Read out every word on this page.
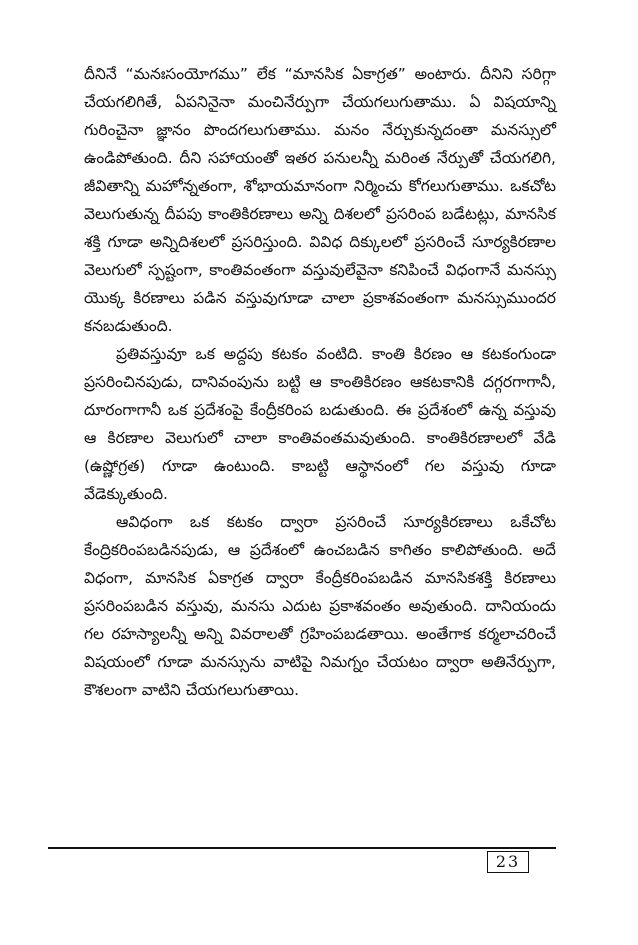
దీనినే “మనఃసంయోగము” లేక “మానసిక ఏకాగ్రత” అంటారు. దీనిని సరిగ్గా చేయగలిగితే, ఏపనినైనా మంచినేర్పుగా చేయగలుగుతాము. ఏ విషయాన్ని గురించైనా జ్ఞానం పొందగలుగుతాము. మనం నేర్చుకున్నదంతా మనస్సులో ఉండిపోతుంది. దీని సహాయంతో ఇతర పనులన్నీ మరింత నేర్పుతో చేయగలిగి, జీవితాన్ని మహోన్నతంగా, శోభాయమానంగా నిర్మించు కోగలుగుతాము. ఒకచోట వెలుగుతున్న దీపపు కాంతికిరణాలు అన్ని దిశలలో ప్రసరింప బడేటట్లు, మానసిక శక్తి గూడా అన్నిదిశలలో ప్రసరిస్తుంది. వివిధ దిక్కులలో ప్రసరించే సూర్యకిరణాల వెలుగులో స్పష్టంగా, కాంతివంతంగా వస్తువులేవైనా కనిపించే విధంగానే మనస్సు యొక్క కిరణాలు పడిన వస్తువుగూడా చాలా ప్రకాశవంతంగా మనస్సుముందర కనబడుతుంది.

ప్రతివస్తువూ ఒక అద్దపు కటకం వంటిది. కాంతి కిరణం ఆ కటకంగుండా ప్రసరించినపుడు, దానివంపును బట్టి ఆ కాంతికిరణం ఆకటకానికి దగ్గరగాగానీ, దూరంగాగానీ ఒక ప్రదేశంపై కేంద్రీకరింప బడుతుంది. ఈ ప్రదేశంలో ఉన్న వస్తువు ఆ కిరణాల వెలుగులో చాలా కాంతివంతమవుతుంది. కాంతికిరణాలలో వేడి (ఉష్ణోగ్రత) గూడా ఉంటుంది. కాబట్టి ఆస్థానంలో గల వస్తువు గూడా వేడెక్కుతుంది.

ఆవిధంగా ఒక కటకం ద్వారా ప్రసరించే సూర్యకిరణాలు ఒకేచోట కేంద్రికరింపబడినపుడు, ఆ ప్రదేశంలో ఉంచబడిన కాగితం కాలిపోతుంది. అదే విధంగా, మానసిక ఏకాగ్రత ద్వారా కేంద్రీకరింపబడిన మానసికశక్తి కిరణాలు ప్రసరింపబడిన వస్తువు, మనసు ఎదుట ప్రకాశవంతం అవుతుంది. దానియందు గల రహస్యాలన్నీ అన్ని వివరాలతో గ్రహింపబడతాయి. అంతేగాక కర్మలాచరించే విషయంలో గూడా మనస్సును వాటిపై నిమగ్నం చేయటం ద్వారా అతినేర్పుగా, కౌశలంగా వాటిని చేయగలుగుతాయి.

23
